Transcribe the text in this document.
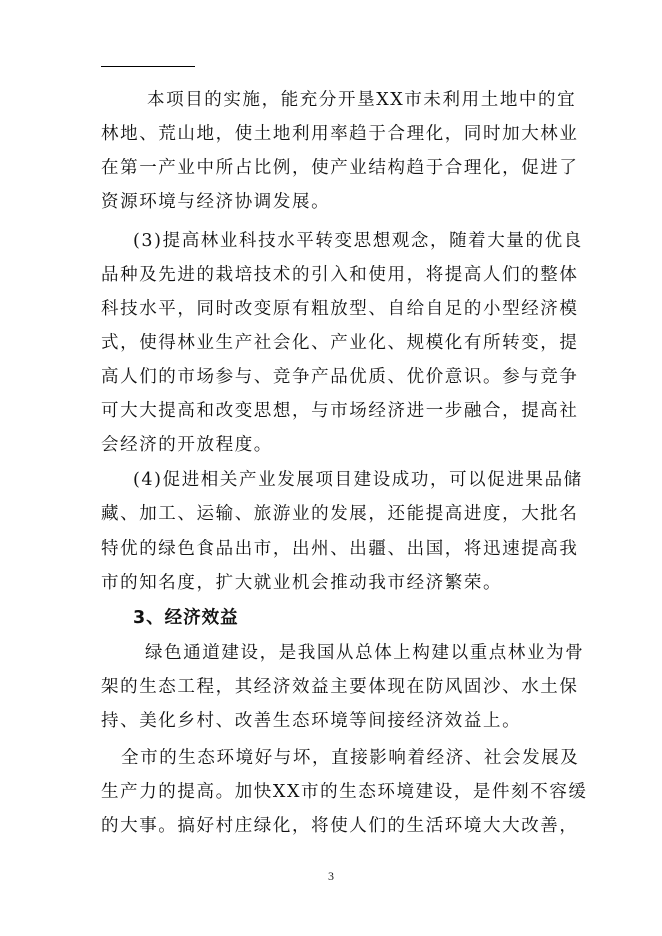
本项目的实施，能充分开垦XX市未利用土地中的宜
林地、荒山地，使土地利用率趋于合理化，同时加大林业
在第一产业中所占比例，使产业结构趋于合理化，促进了
资源环境与经济协调发展。
(3)提高林业科技水平转变思想观念，随着大量的优良
品种及先进的栽培技术的引入和使用，将提高人们的整体
科技水平，同时改变原有粗放型、自给自足的小型经济模
式，使得林业生产社会化、产业化、规模化有所转变，提
高人们的市场参与、竞争产品优质、优价意识。参与竞争
可大大提高和改变思想，与市场经济进一步融合，提高社
会经济的开放程度。
(4)促进相关产业发展项目建设成功，可以促进果品储
藏、加工、运输、旅游业的发展，还能提高进度，大批名
特优的绿色食品出市，出州、出疆、出国，将迅速提高我
市的知名度，扩大就业机会推动我市经济繁荣。
3、经济效益
绿色通道建设，是我国从总体上构建以重点林业为骨
架的生态工程，其经济效益主要体现在防风固沙、水土保
持、美化乡村、改善生态环境等间接经济效益上。
全市的生态环境好与坏，直接影响着经济、社会发展及
生产力的提高。加快XX市的生态环境建设，是件刻不容缓
的大事。搞好村庄绿化，将使人们的生活环境大大改善，
3
